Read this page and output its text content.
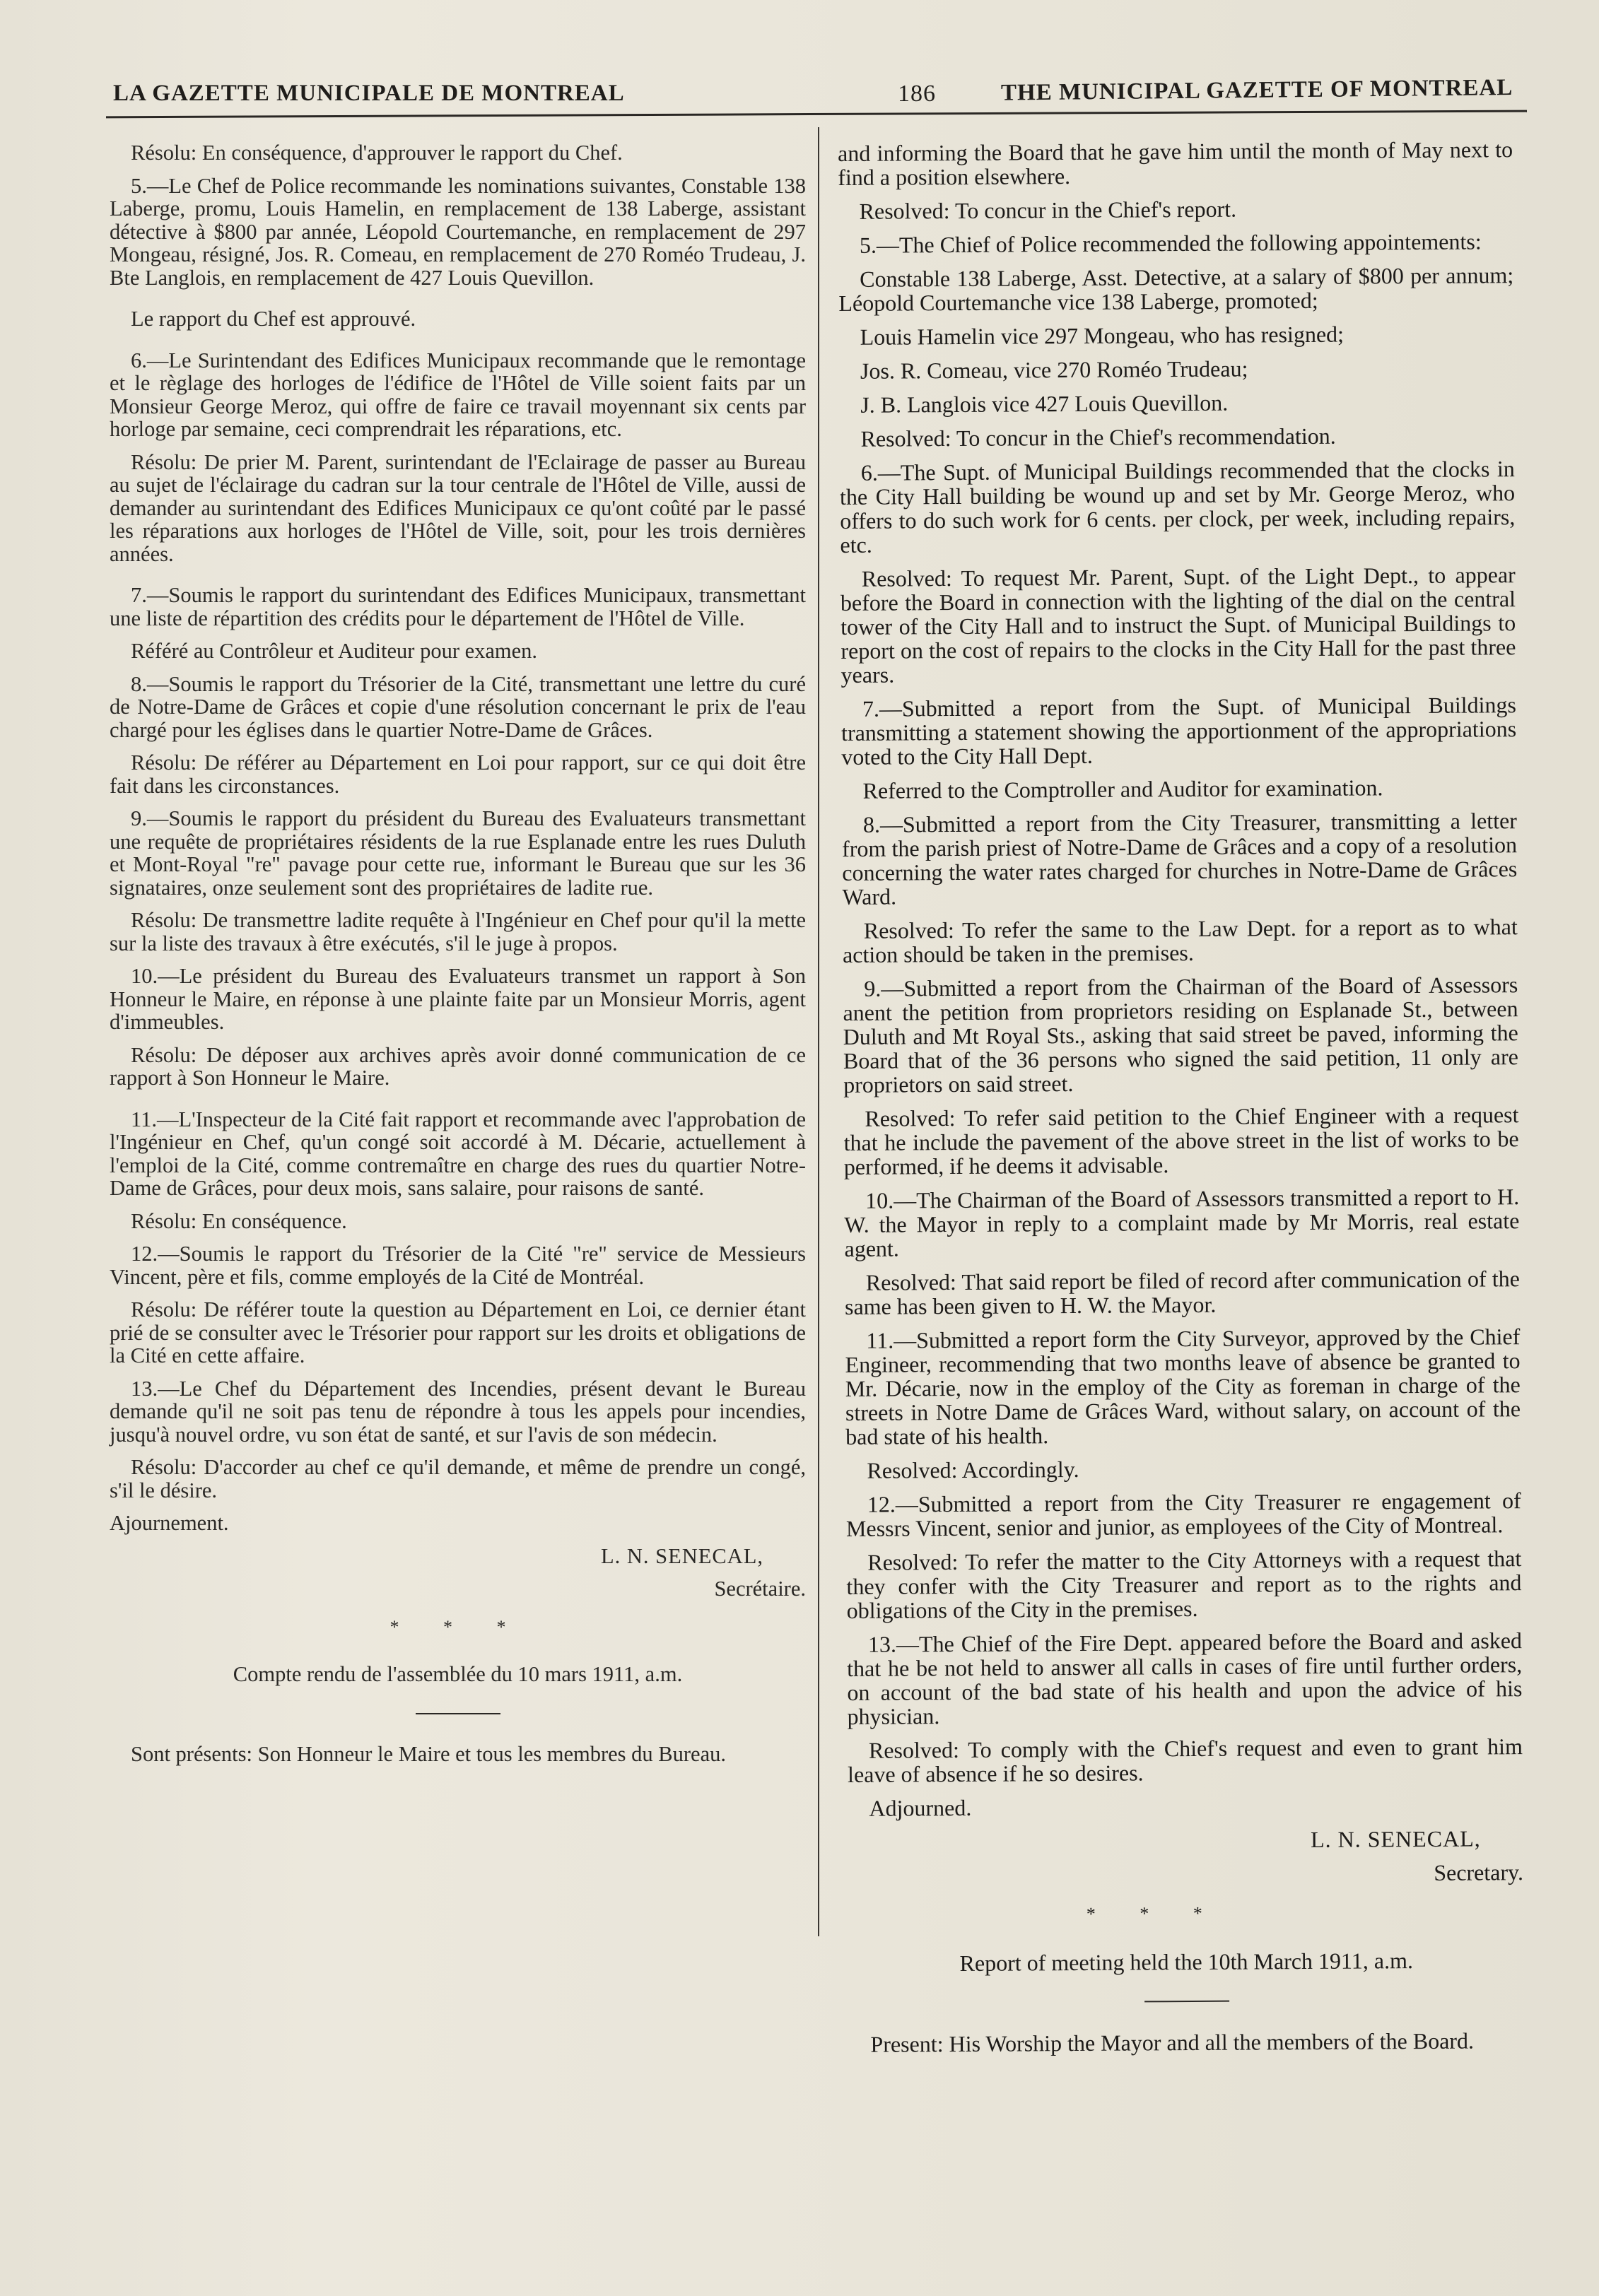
LA GAZETTE MUNICIPALE DE MONTREAL	186	THE MUNICIPAL GAZETTE OF MONTREAL

Résolu: En conséquence, d'approuver le rapport du Chef.

5.—Le Chef de Police recommande les nominations suivantes, Constable 138 Laberge, promu, Louis Hamelin, en remplacement de 138 Laberge, assistant détective à $800 par année, Léopold Courtemanche, en remplacement de 297 Mongeau, résigné, Jos. R. Comeau, en remplacement de 270 Roméo Trudeau, J. Bte Langlois, en remplacement de 427 Louis Quevillon.

Le rapport du Chef est approuvé.

6.—Le Surintendant des Edifices Municipaux recommande que le remontage et le règlage des horloges de l'édifice de l'Hôtel de Ville soient faits par un Monsieur George Meroz, qui offre de faire ce travail moyennant six cents par horloge par semaine, ceci comprendrait les réparations, etc.

Résolu: De prier M. Parent, surintendant de l'Eclairage de passer au Bureau au sujet de l'éclairage du cadran sur la tour centrale de l'Hôtel de Ville, aussi de demander au surintendant des Edifices Municipaux ce qu'ont coûté par le passé les réparations aux horloges de l'Hôtel de Ville, soit, pour les trois dernières années.

7.—Soumis le rapport du surintendant des Edifices Municipaux, transmettant une liste de répartition des crédits pour le département de l'Hôtel de Ville.

Référé au Contrôleur et Auditeur pour examen.

8.—Soumis le rapport du Trésorier de la Cité, transmettant une lettre du curé de Notre-Dame de Grâces et copie d'une résolution concernant le prix de l'eau chargé pour les églises dans le quartier Notre-Dame de Grâces.

Résolu: De référer au Département en Loi pour rapport, sur ce qui doit être fait dans les circonstances.

9.—Soumis le rapport du président du Bureau des Evaluateurs transmettant une requête de propriétaires résidents de la rue Esplanade entre les rues Duluth et Mont-Royal "re" pavage pour cette rue, informant le Bureau que sur les 36 signataires, onze seulement sont des propriétaires de ladite rue.

Résolu: De transmettre ladite requête à l'Ingénieur en Chef pour qu'il la mette sur la liste des travaux à être exécutés, s'il le juge à propos.

10.—Le président du Bureau des Evaluateurs transmet un rapport à Son Honneur le Maire, en réponse à une plainte faite par un Monsieur Morris, agent d'immeubles.

Résolu: De déposer aux archives après avoir donné communication de ce rapport à Son Honneur le Maire.

11.—L'Inspecteur de la Cité fait rapport et recommande avec l'approbation de l'Ingénieur en Chef, qu'un congé soit accordé à M. Décarie, actuellement à l'emploi de la Cité, comme contremaître en charge des rues du quartier Notre-Dame de Grâces, pour deux mois, sans salaire, pour raisons de santé.

Résolu: En conséquence.

12.—Soumis le rapport du Trésorier de la Cité "re" service de Messieurs Vincent, père et fils, comme employés de la Cité de Montréal.

Résolu: De référer toute la question au Département en Loi, ce dernier étant prié de se consulter avec le Trésorier pour rapport sur les droits et obligations de la Cité en cette affaire.

13.—Le Chef du Département des Incendies, présent devant le Bureau demande qu'il ne soit pas tenu de répondre à tous les appels pour incendies, jusqu'à nouvel ordre, vu son état de santé, et sur l'avis de son médecin.

Résolu: D'accorder au chef ce qu'il demande, et même de prendre un congé, s'il le désire.

Ajournement.

L. N. SENECAL,

Secrétaire.

* * *

Compte rendu de l'assemblée du 10 mars 1911, a.m.

Sont présents: Son Honneur le Maire et tous les membres du Bureau.

and informing the Board that he gave him until the month of May next to find a position elsewhere.

Resolved: To concur in the Chief's report.

5.—The Chief of Police recommended the following appointements:

Constable 138 Laberge, Asst. Detective, at a salary of $800 per annum; Léopold Courtemanche vice 138 Laberge, promoted;

Louis Hamelin vice 297 Mongeau, who has resigned;

Jos. R. Comeau, vice 270 Roméo Trudeau;

J. B. Langlois vice 427 Louis Quevillon.

Resolved: To concur in the Chief's recommendation.

6.—The Supt. of Municipal Buildings recommended that the clocks in the City Hall building be wound up and set by Mr. George Meroz, who offers to do such work for 6 cents. per clock, per week, including repairs, etc.

Resolved: To request Mr. Parent, Supt. of the Light Dept., to appear before the Board in connection with the lighting of the dial on the central tower of the City Hall and to instruct the Supt. of Municipal Buildings to report on the cost of repairs to the clocks in the City Hall for the past three years.

7.—Submitted a report from the Supt. of Municipal Buildings transmitting a statement showing the apportionment of the appropriations voted to the City Hall Dept.

Referred to the Comptroller and Auditor for examination.

8.—Submitted a report from the City Treasurer, transmitting a letter from the parish priest of Notre-Dame de Grâces and a copy of a resolution concerning the water rates charged for churches in Notre-Dame de Grâces Ward.

Resolved: To refer the same to the Law Dept. for a report as to what action should be taken in the premises.

9.—Submitted a report from the Chairman of the Board of Assessors anent the petition from proprietors residing on Esplanade St., between Duluth and Mt Royal Sts., asking that said street be paved, informing the Board that of the 36 persons who signed the said petition, 11 only are proprietors on said street.

Resolved: To refer said petition to the Chief Engineer with a request that he include the pavement of the above street in the list of works to be performed, if he deems it advisable.

10.—The Chairman of the Board of Assessors transmitted a report to H. W. the Mayor in reply to a complaint made by Mr Morris, real estate agent.

Resolved: That said report be filed of record after communication of the same has been given to H. W. the Mayor.

11.—Submitted a report form the City Surveyor, approved by the Chief Engineer, recommending that two months leave of absence be granted to Mr. Décarie, now in the employ of the City as foreman in charge of the streets in Notre Dame de Grâces Ward, without salary, on account of the bad state of his health.

Resolved: Accordingly.

12.—Submitted a report from the City Treasurer re engagement of Messrs Vincent, senior and junior, as employees of the City of Montreal.

Resolved: To refer the matter to the City Attorneys with a request that they confer with the City Treasurer and report as to the rights and obligations of the City in the premises.

13.—The Chief of the Fire Dept. appeared before the Board and asked that he be not held to answer all calls in cases of fire until further orders, on account of the bad state of his health and upon the advice of his physician.

Resolved: To comply with the Chief's request and even to grant him leave of absence if he so desires.

Adjourned.

L. N. SENECAL,

Secretary.

* * *

Report of meeting held the 10th March 1911, a.m.

Present: His Worship the Mayor and all the members of the Board.
